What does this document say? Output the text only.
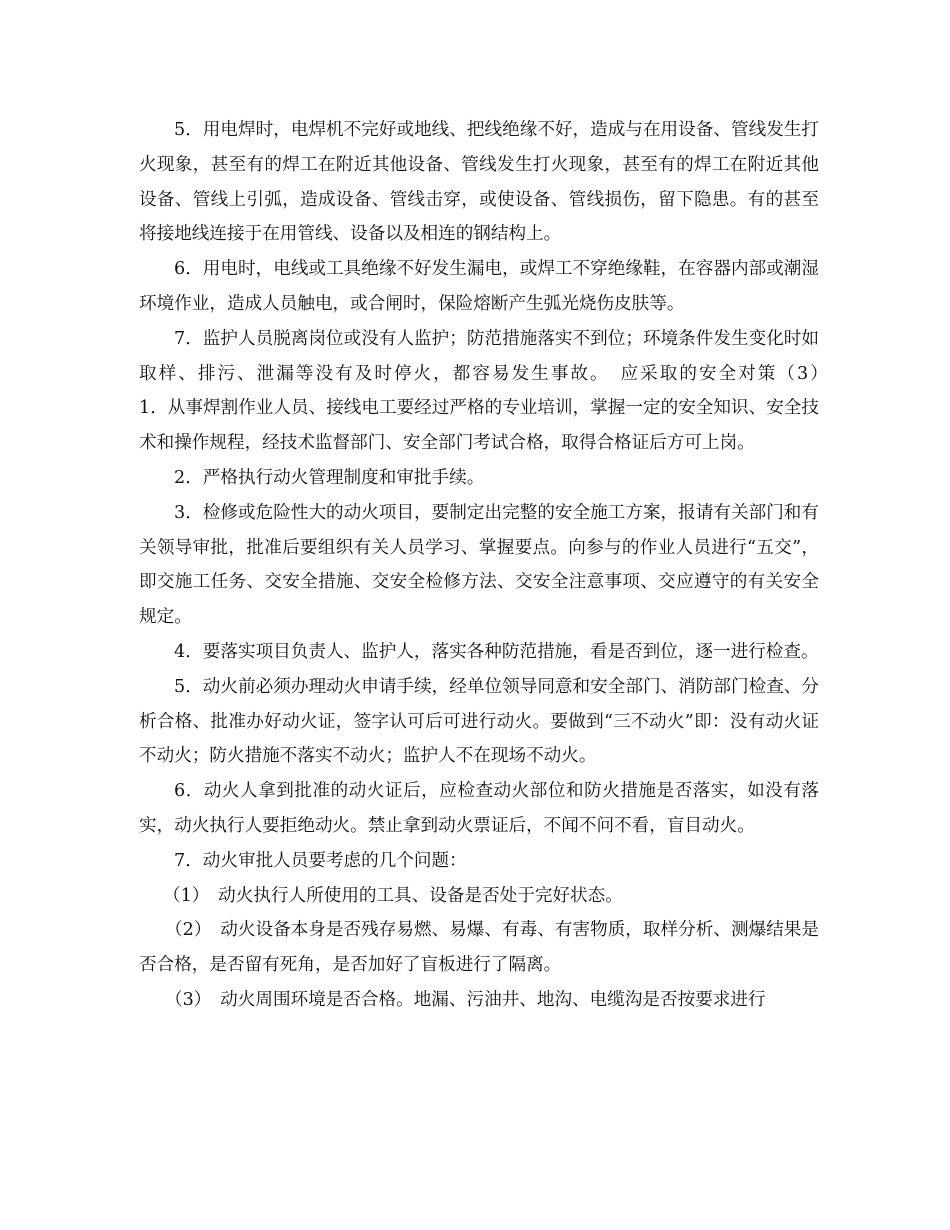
5．用电焊时，电焊机不完好或地线、把线绝缘不好，造成与在用设备、管线发生打火现象，甚至有的焊工在附近其他设备、管线发生打火现象，甚至有的焊工在附近其他设备、管线上引弧，造成设备、管线击穿，或使设备、管线损伤，留下隐患。有的甚至将接地线连接于在用管线、设备以及相连的钢结构上。

6．用电时，电线或工具绝缘不好发生漏电，或焊工不穿绝缘鞋，在容器内部或潮湿环境作业，造成人员触电，或合闸时，保险熔断产生弧光烧伤皮肤等。

7．监护人员脱离岗位或没有人监护；防范措施落实不到位；环境条件发生变化时如取样、排污、泄漏等没有及时停火，都容易发生事故。　应采取的安全对策（3）　　　1．从事焊割作业人员、接线电工要经过严格的专业培训，掌握一定的安全知识、安全技术和操作规程，经技术监督部门、安全部门考试合格，取得合格证后方可上岗。

2．严格执行动火管理制度和审批手续。

3．检修或危险性大的动火项目，要制定出完整的安全施工方案，报请有关部门和有关领导审批，批准后要组织有关人员学习、掌握要点。向参与的作业人员进行“五交”，即交施工任务、交安全措施、交安全检修方法、交安全注意事项、交应遵守的有关安全规定。

4．要落实项目负责人、监护人，落实各种防范措施，看是否到位，逐一进行检查。

5．动火前必须办理动火申请手续，经单位领导同意和安全部门、消防部门检查、分析合格、批准办好动火证，签字认可后可进行动火。要做到“三不动火”即：没有动火证不动火；防火措施不落实不动火；监护人不在现场不动火。

6．动火人拿到批准的动火证后，应检查动火部位和防火措施是否落实，如没有落实，动火执行人要拒绝动火。禁止拿到动火票证后，不闻不问不看，盲目动火。

7．动火审批人员要考虑的几个问题：

（1）　动火执行人所使用的工具、设备是否处于完好状态。

（2）　动火设备本身是否残存易燃、易爆、有毒、有害物质，取样分析、测爆结果是否合格，是否留有死角，是否加好了盲板进行了隔离。

（3）　动火周围环境是否合格。地漏、污油井、地沟、电缆沟是否按要求进行
